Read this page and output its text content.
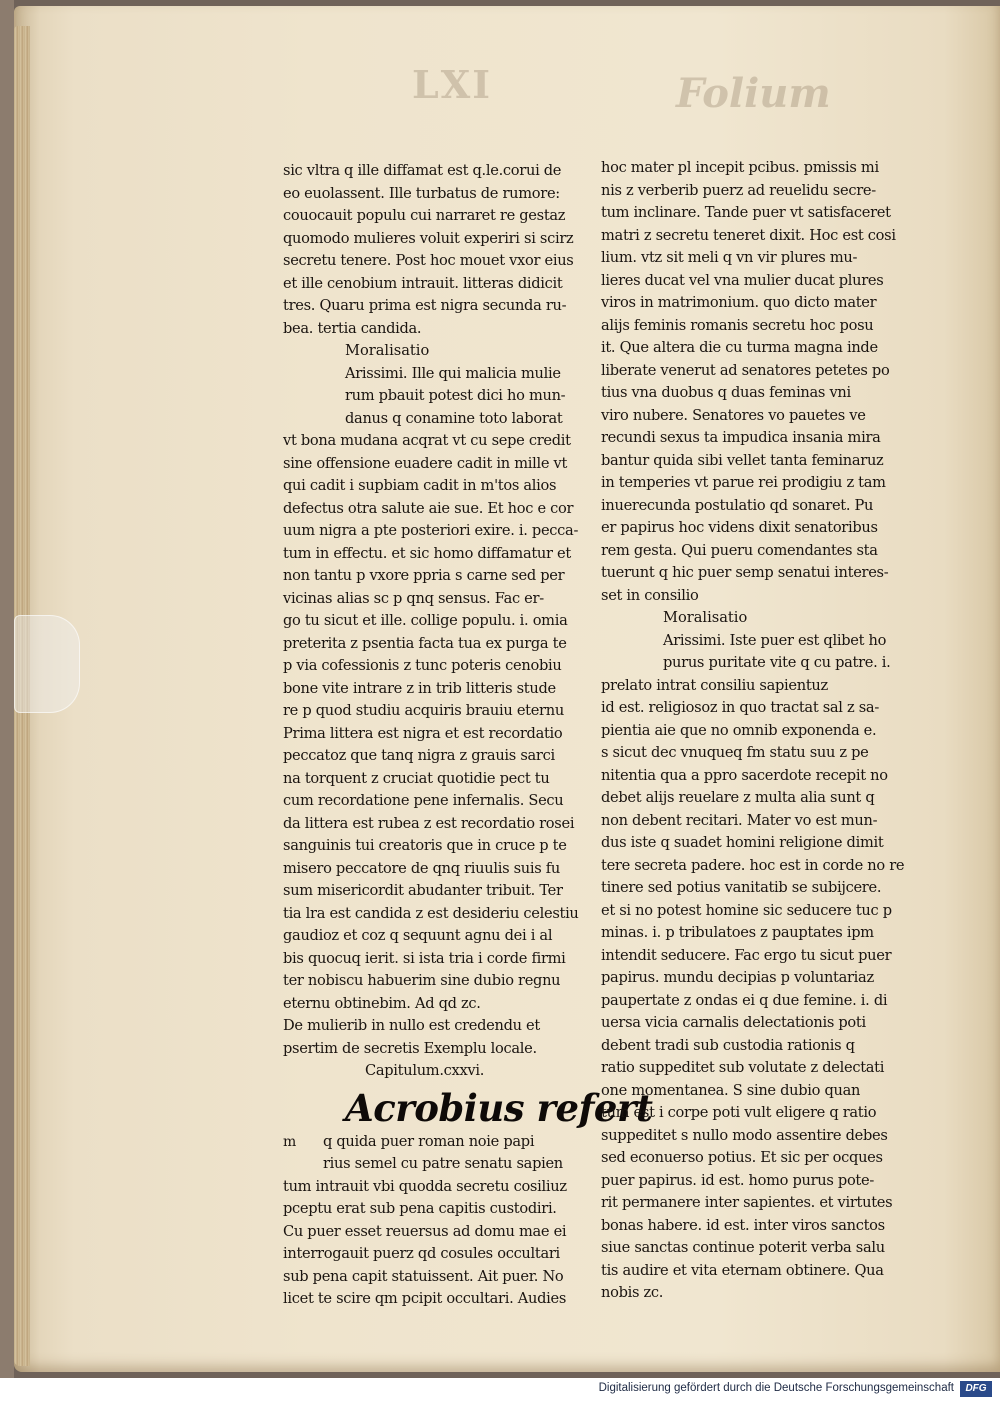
LXI	Folium

sic vltra q ille diffamat est q.le.corui de
eo euolassent. Ille turbatus de rumore:
couocauit populu cui narraret re gestaz
quomodo mulieres voluit experiri si scirz
secretu tenere. Post hoc mouet vxor eius
et ille cenobium intrauit. litteras didicit
tres. Quaru prima est nigra secunda ru-
bea. tertia candida.
Moralisatio
Arissimi. Ille qui malicia mulie
rum pbauit potest dici ho mun-
danus q conamine toto laborat
vt bona mudana acqrat vt cu sepe credit
sine offensione euadere cadit in mille vt
qui cadit i supbiam cadit in m'tos alios
defectus otra salute aie sue. Et hoc e cor
uum nigra a pte posteriori exire. i. pecca-
tum in effectu. et sic homo diffamatur et
non tantu p vxore ppria s carne sed per
vicinas alias sc p qnq sensus. Fac er-
go tu sicut et ille. collige populu. i. omia
preterita z psentia facta tua ex purga te
p via cofessionis z tunc poteris cenobiu
bone vite intrare z in trib litteris stude
re p quod studiu acquiris brauiu eternu
Prima littera est nigra et est recordatio
peccatoz que tanq nigra z grauis sarci
na torquent z cruciat quotidie pect tu
cum recordatione pene infernalis. Secu
da littera est rubea z est recordatio rosei
sanguinis tui creatoris que in cruce p te
misero peccatore de qnq riuulis suis fu
sum misericordit abudanter tribuit. Ter
tia lra est candida z est desideriu celestiu
gaudioz et coz q sequunt agnu dei i al
bis quocuq ierit. si ista tria i corde firmi
ter nobiscu habuerim sine dubio regnu
eternu obtinebim. Ad qd zc.
De mulierib in nullo est credendu et
psertim de secretis Exemplu locale.
Capitulum.cxxvi.
Acrobius refert
m q quida puer roman noie papi
rius semel cu patre senatu sapien
tum intrauit vbi quodda secretu cosiliuz
pceptu erat sub pena capitis custodiri.
Cu puer esset reuersus ad domu mae ei
interrogauit puerz qd cosules occultari
sub pena capit statuissent. Ait puer. No
licet te scire qm pcipit occultari. Audies
hoc mater pl incepit pcibus. pmissis mi
nis z verberib puerz ad reuelidu secre-
tum inclinare. Tande puer vt satisfaceret
matri z secretu teneret dixit. Hoc est cosi
lium. vtz sit meli q vn vir plures mu-
lieres ducat vel vna mulier ducat plures
viros in matrimonium. quo dicto mater
alijs feminis romanis secretu hoc posu
it. Que altera die cu turma magna inde
liberate venerut ad senatores petetes po
tius vna duobus q duas feminas vni
viro nubere. Senatores vo pauetes ve
recundi sexus ta impudica insania mira
bantur quida sibi vellet tanta feminaruz
in temperies vt parue rei prodigiu z tam
inuerecunda postulatio qd sonaret. Pu
er papirus hoc videns dixit senatoribus
rem gesta. Qui pueru comendantes sta
tuerunt q hic puer semp senatui interes-
set in consilio
Moralisatio
Arissimi. Iste puer est qlibet ho
purus puritate vite q cu patre. i.
prelato intrat consiliu sapientuz
id est. religiosoz in quo tractat sal z sa-
pientia aie que no omnib exponenda e.
s sicut dec vnuqueq fm statu suu z pe
nitentia qua a ppro sacerdote recepit no
debet alijs reuelare z multa alia sunt q
non debent recitari. Mater vo est mun-
dus iste q suadet homini religione dimit
tere secreta padere. hoc est in corde no re
tinere sed potius vanitatib se subijcere.
et si no potest homine sic seducere tuc p
minas. i. p tribulatoes z pauptates ipm
intendit seducere. Fac ergo tu sicut puer
papirus. mundu decipias p voluntariaz
paupertate z ondas ei q due femine. i. di
uersa vicia carnalis delectationis poti
debent tradi sub custodia rationis q
ratio suppeditet sub volutate z delectati
one momentanea. S sine dubio quan
tum est i corpe poti vult eligere q ratio
suppeditet s nullo modo assentire debes
sed econuerso potius. Et sic per ocques
puer papirus. id est. homo purus pote-
rit permanere inter sapientes. et virtutes
bonas habere. id est. inter viros sanctos
siue sanctas continue poterit verba salu
tis audire et vita eternam obtinere. Qua
nobis zc.

Digitalisierung gefördert durch die Deutsche Forschungsgemeinschaft	DFG
